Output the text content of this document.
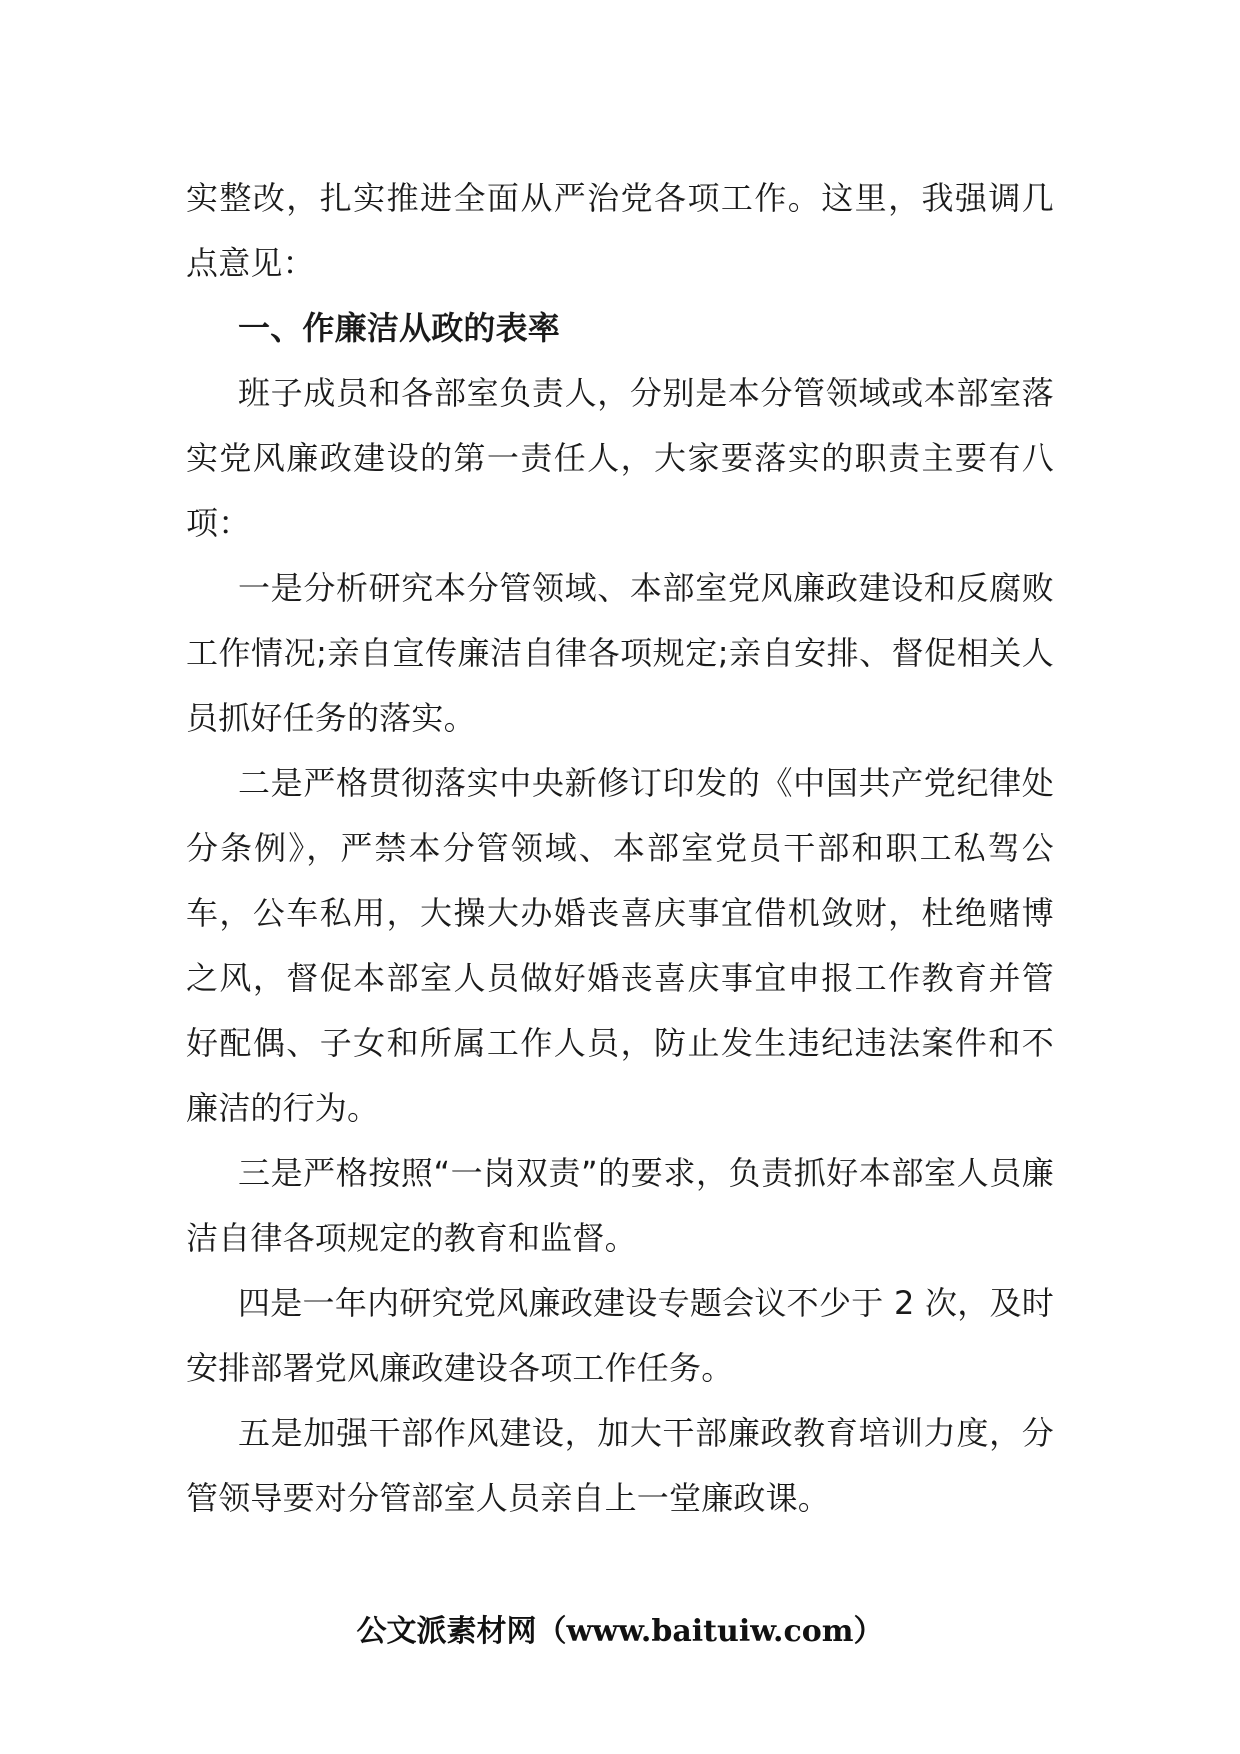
实整改，扎实推进全面从严治党各项工作。这里，我强调几点意见：

一、作廉洁从政的表率

班子成员和各部室负责人，分别是本分管领域或本部室落实党风廉政建设的第一责任人，大家要落实的职责主要有八项：

一是分析研究本分管领域、本部室党风廉政建设和反腐败工作情况;亲自宣传廉洁自律各项规定;亲自安排、督促相关人员抓好任务的落实。

二是严格贯彻落实中央新修订印发的《中国共产党纪律处分条例》，严禁本分管领域、本部室党员干部和职工私驾公车，公车私用，大操大办婚丧喜庆事宜借机敛财，杜绝赌博之风，督促本部室人员做好婚丧喜庆事宜申报工作教育并管好配偶、子女和所属工作人员，防止发生违纪违法案件和不廉洁的行为。

三是严格按照“一岗双责”的要求，负责抓好本部室人员廉洁自律各项规定的教育和监督。

四是一年内研究党风廉政建设专题会议不少于 2 次，及时安排部署党风廉政建设各项工作任务。

五是加强干部作风建设，加大干部廉政教育培训力度，分管领导要对分管部室人员亲自上一堂廉政课。

公文派素材网（www.baituiw.com）
